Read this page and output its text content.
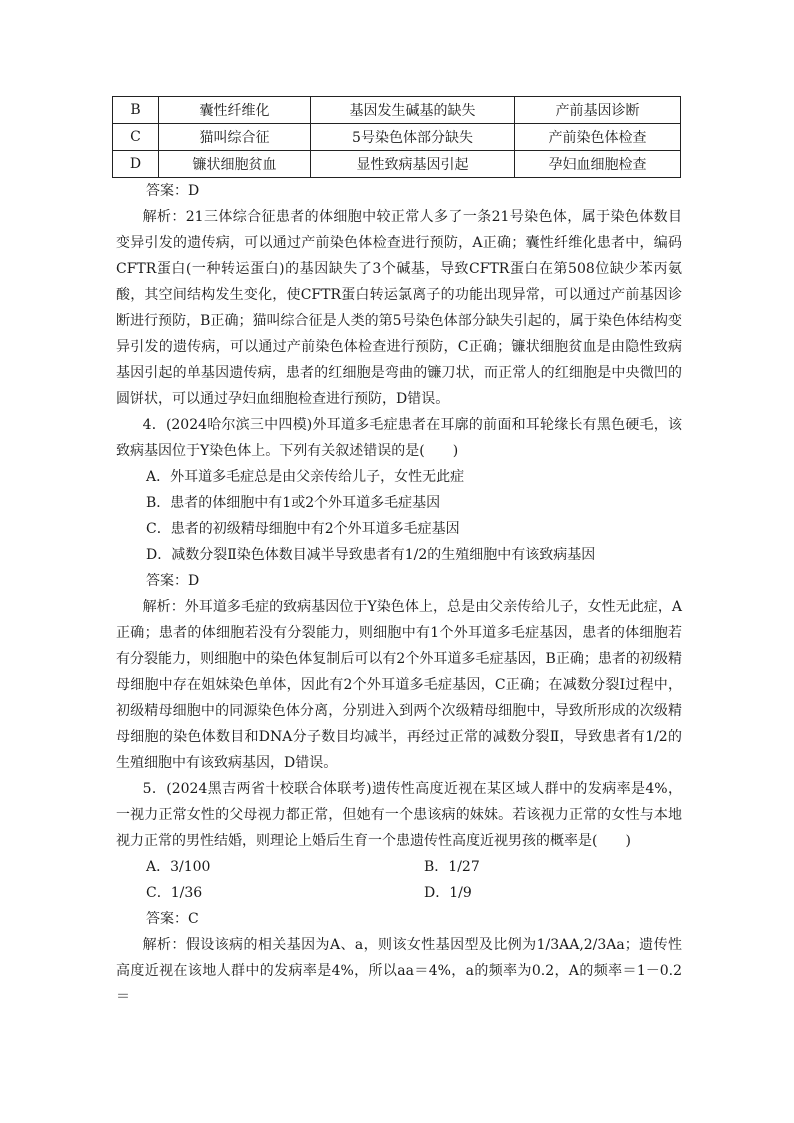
B	囊性纤维化	基因发生碱基的缺失	产前基因诊断
C	猫叫综合征	5号染色体部分缺失	产前染色体检查
D	镰状细胞贫血	显性致病基因引起	孕妇血细胞检查
答案：D
解析：21三体综合征患者的体细胞中较正常人多了一条21号染色体，属于染色体数目变异引发的遗传病，可以通过产前染色体检查进行预防，A正确；囊性纤维化患者中，编码CFTR蛋白(一种转运蛋白)的基因缺失了3个碱基，导致CFTR蛋白在第508位缺少苯丙氨酸，其空间结构发生变化，使CFTR蛋白转运氯离子的功能出现异常，可以通过产前基因诊断进行预防，B正确；猫叫综合征是人类的第5号染色体部分缺失引起的，属于染色体结构变异引发的遗传病，可以通过产前染色体检查进行预防，C正确；镰状细胞贫血是由隐性致病基因引起的单基因遗传病，患者的红细胞是弯曲的镰刀状，而正常人的红细胞是中央微凹的圆饼状，可以通过孕妇血细胞检查进行预防，D错误。
4．(2024哈尔滨三中四模)外耳道多毛症患者在耳廓的前面和耳轮缘长有黑色硬毛，该致病基因位于Y染色体上。下列有关叙述错误的是(　　)
A．外耳道多毛症总是由父亲传给儿子，女性无此症
B．患者的体细胞中有1或2个外耳道多毛症基因
C．患者的初级精母细胞中有2个外耳道多毛症基因
D．减数分裂Ⅱ染色体数目减半导致患者有1/2的生殖细胞中有该致病基因
答案：D
解析：外耳道多毛症的致病基因位于Y染色体上，总是由父亲传给儿子，女性无此症，A正确；患者的体细胞若没有分裂能力，则细胞中有1个外耳道多毛症基因，患者的体细胞若有分裂能力，则细胞中的染色体复制后可以有2个外耳道多毛症基因，B正确；患者的初级精母细胞中存在姐妹染色单体，因此有2个外耳道多毛症基因，C正确；在减数分裂Ⅰ过程中，初级精母细胞中的同源染色体分离，分别进入到两个次级精母细胞中，导致所形成的次级精母细胞的染色体数目和DNA分子数目均减半，再经过正常的减数分裂Ⅱ，导致患者有1/2的生殖细胞中有该致病基因，D错误。
5．(2024黑吉两省十校联合体联考)遗传性高度近视在某区域人群中的发病率是4%，一视力正常女性的父母视力都正常，但她有一个患该病的妹妹。若该视力正常的女性与本地视力正常的男性结婚，则理论上婚后生育一个患遗传性高度近视男孩的概率是(　　)
A．3/100	B．1/27
C．1/36	D．1/9
答案：C
解析：假设该病的相关基因为A、a，则该女性基因型及比例为1/3AA,2/3Aa；遗传性高度近视在该地人群中的发病率是4%，所以aa＝4%，a的频率为0.2，A的频率＝1－0.2＝
